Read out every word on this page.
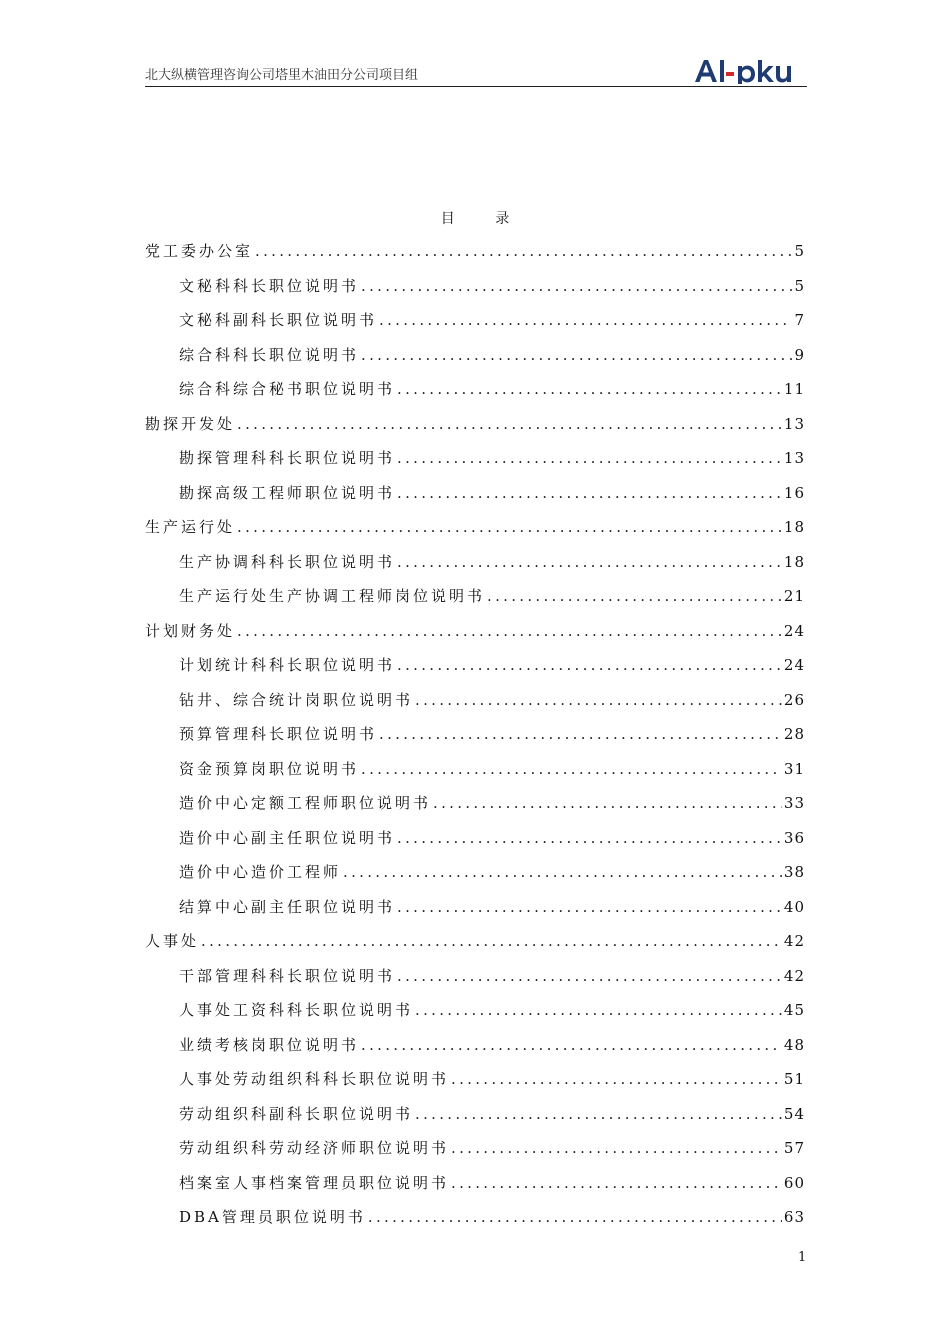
北大纵横管理咨询公司塔里木油田分公司项目组
目 录
党工委办公室 .....	5
文秘科科长职位说明书 .....	5
文秘科副科长职位说明书 .....	7
综合科科长职位说明书 .....	9
综合科综合秘书职位说明书 .....	11
勘探开发处 .....	13
勘探管理科科长职位说明书 .....	13
勘探高级工程师职位说明书 .....	16
生产运行处 .....	18
生产协调科科长职位说明书 .....	18
生产运行处生产协调工程师岗位说明书 .....	21
计划财务处 .....	24
计划统计科科长职位说明书 .....	24
钻井、综合统计岗职位说明书 .....	26
预算管理科长职位说明书 .....	28
资金预算岗职位说明书 .....	31
造价中心定额工程师职位说明书 .....	33
造价中心副主任职位说明书 .....	36
造价中心造价工程师 .....	38
结算中心副主任职位说明书 .....	40
人事处 .....	42
干部管理科科长职位说明书 .....	42
人事处工资科科长职位说明书 .....	45
业绩考核岗职位说明书 .....	48
人事处劳动组织科科长职位说明书 .....	51
劳动组织科副科长职位说明书 .....	54
劳动组织科劳动经济师职位说明书 .....	57
档案室人事档案管理员职位说明书 .....	60
DBA管理员职位说明书 .....	63
1
